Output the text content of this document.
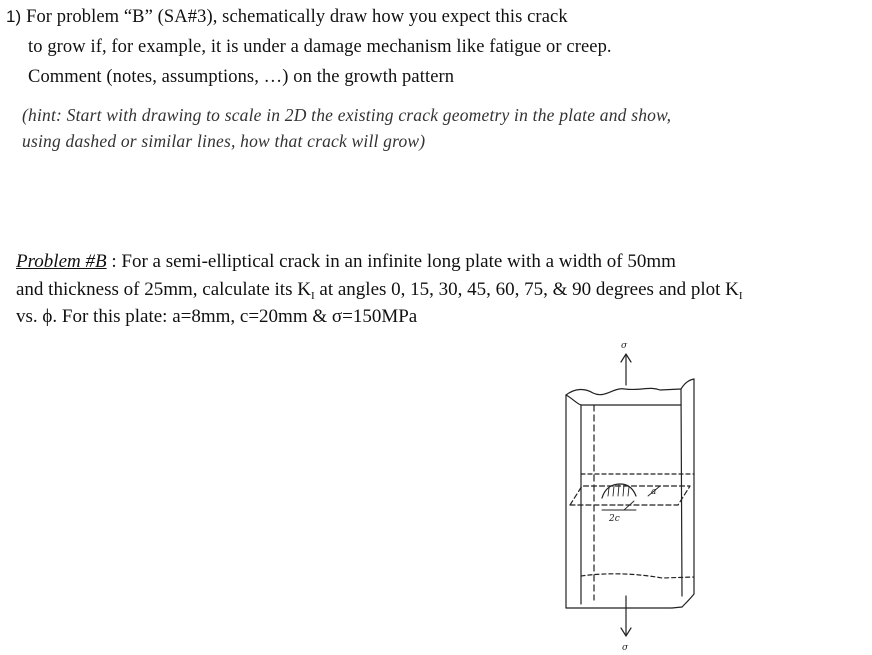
1) For problem “B” (SA#3), schematically draw how you expect this crack
to grow if, for example, it is under a damage mechanism like fatigue or creep.
Comment (notes, assumptions, …) on the growth pattern
(hint: Start with drawing to scale in 2D the existing crack geometry in the plate and show,
using dashed or similar lines, how that crack will grow)
Problem #B : For a semi-elliptical crack in an infinite long plate with a width of 50mm
and thickness of 25mm, calculate its $K_I$ at angles 0, 15, 30, 45, 60, 75, & 90 degrees and plot $K_I$
vs. ϕ. For this plate: a=8mm, c=20mm & σ=150MPa
σ
σ
a
2c
